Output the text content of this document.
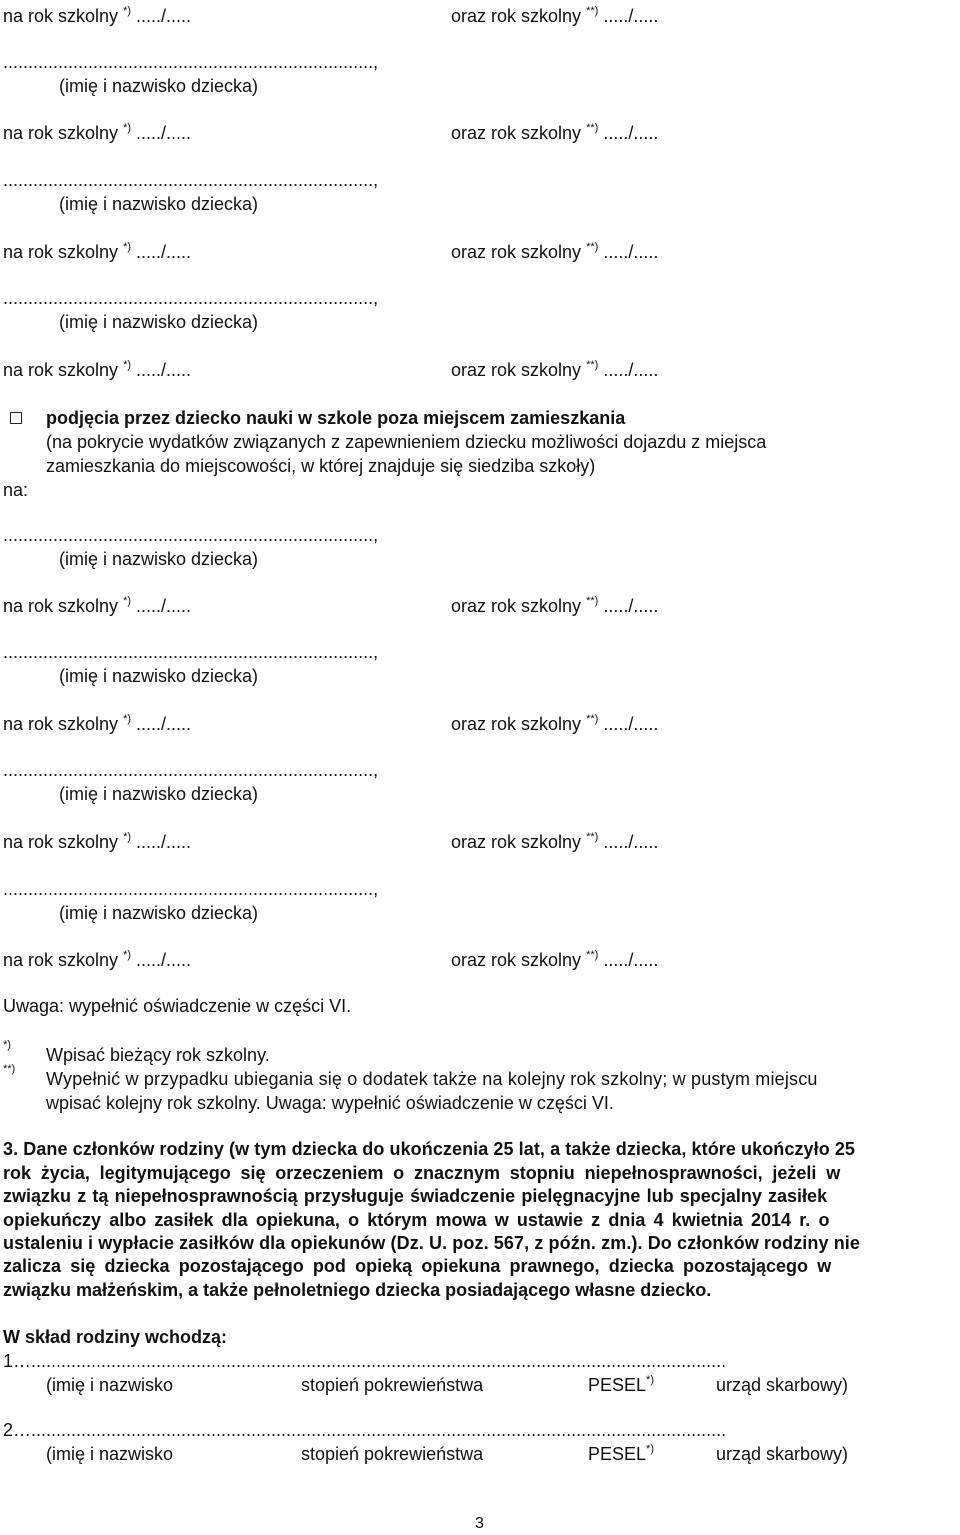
na rok szkolny *) ...../.....	oraz rok szkolny **) ...../.....
..........................................................................,
(imię i nazwisko dziecka)
na rok szkolny *) ...../.....	oraz rok szkolny **) ...../.....
..........................................................................,
(imię i nazwisko dziecka)
na rok szkolny *) ...../.....	oraz rok szkolny **) ...../.....
..........................................................................,
(imię i nazwisko dziecka)
na rok szkolny *) ...../.....	oraz rok szkolny **) ...../.....
podjęcia przez dziecko nauki w szkole poza miejscem zamieszkania
(na pokrycie wydatków związanych z zapewnieniem dziecku możliwości dojazdu z miejsca
zamieszkania do miejscowości, w której znajduje się siedziba szkoły)
na:
..........................................................................,
(imię i nazwisko dziecka)
na rok szkolny *) ...../.....	oraz rok szkolny **) ...../.....
..........................................................................,
(imię i nazwisko dziecka)
na rok szkolny *) ...../.....	oraz rok szkolny **) ...../.....
..........................................................................,
(imię i nazwisko dziecka)
na rok szkolny *) ...../.....	oraz rok szkolny **) ...../.....
..........................................................................,
(imię i nazwisko dziecka)
na rok szkolny *) ...../.....	oraz rok szkolny **) ...../.....
Uwaga: wypełnić oświadczenie w części VI.
*) Wpisać bieżący rok szkolny.
**) Wypełnić w przypadku ubiegania się o dodatek także na kolejny rok szkolny; w pustym miejscu
wpisać kolejny rok szkolny. Uwaga: wypełnić oświadczenie w części VI.
3. Dane członków rodziny (w tym dziecka do ukończenia 25 lat, a także dziecka, które ukończyło 25
rok życia, legitymującego się orzeczeniem o znacznym stopniu niepełnosprawności, jeżeli w
związku z tą niepełnosprawnością przysługuje świadczenie pielęgnacyjne lub specjalny zasiłek
opiekuńczy albo zasiłek dla opiekuna, o którym mowa w ustawie z dnia 4 kwietnia 2014 r. o
ustaleniu i wypłacie zasiłków dla opiekunów (Dz. U. poz. 567, z późn. zm.). Do członków rodziny nie
zalicza się dziecka pozostającego pod opieką opiekuna prawnego, dziecka pozostającego w
związku małżeńskim, a także pełnoletniego dziecka posiadającego własne dziecko.
W skład rodziny wchodzą:
1…...........................................................................................................................................
(imię i nazwisko	stopień pokrewieństwa	PESEL*)	urząd skarbowy)
2…...........................................................................................................................................
(imię i nazwisko	stopień pokrewieństwa	PESEL*)	urząd skarbowy)
3
